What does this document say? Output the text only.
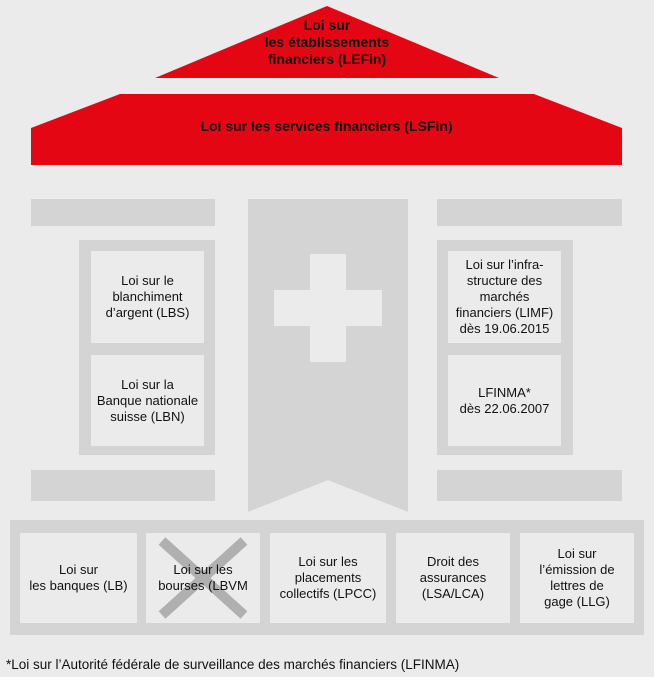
Loi sur
les établissements
financiers (LEFin)
Loi sur les services financiers (LSFin)
Loi sur le
blanchiment
d’argent (LBS)
Loi sur la
Banque nationale
suisse (LBN)
Loi sur l’infra-
structure des
marchés
financiers (LIMF)
dès 19.06.2015
LFINMA*
dès 22.06.2007
Loi sur
les banques (LB)
Loi sur les
bourses (LBVM
Loi sur les
placements
collectifs (LPCC)
Droit des
assurances
(LSA/LCA)
Loi sur
l’émission de
lettres de
gage (LLG)
*Loi sur l’Autorité fédérale de surveillance des marchés financiers (LFINMA)
